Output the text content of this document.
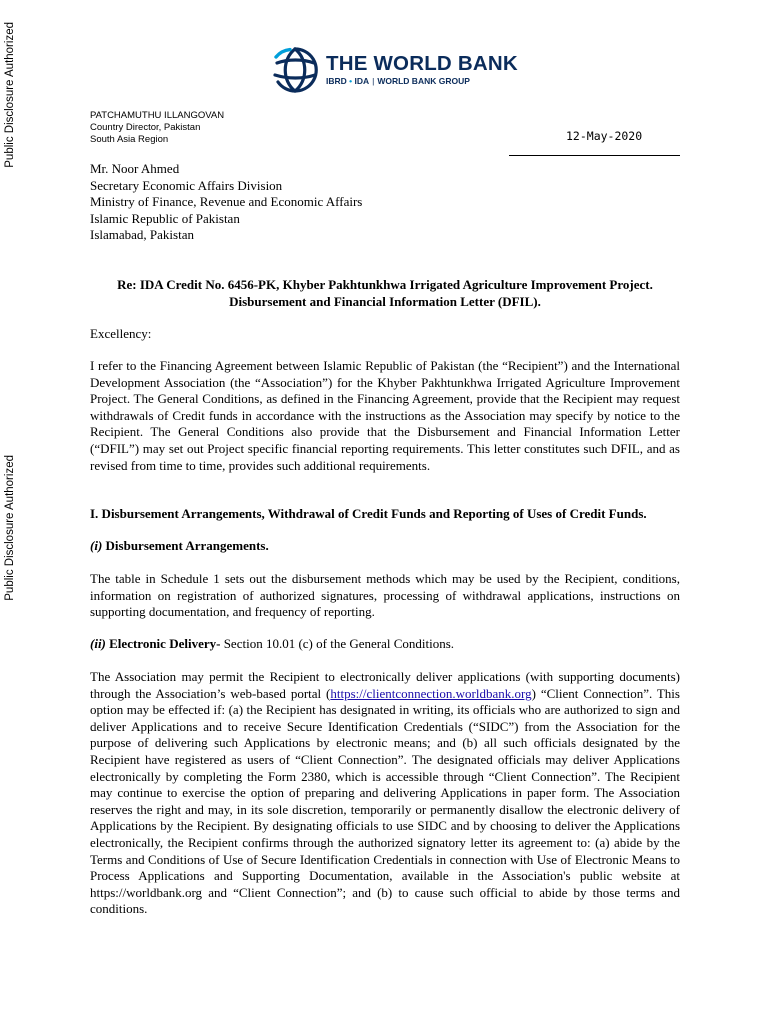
Public Disclosure Authorized
Public Disclosure Authorized
THE WORLD BANK
IBRD • IDA | WORLD BANK GROUP
PATCHAMUTHU ILLANGOVAN
Country Director, Pakistan
South Asia Region	12-May-2020
Mr. Noor Ahmed
Secretary Economic Affairs Division
Ministry of Finance, Revenue and Economic Affairs
Islamic Republic of Pakistan
Islamabad, Pakistan
Re: IDA Credit No. 6456-PK, Khyber Pakhtunkhwa Irrigated Agriculture Improvement Project.
Disbursement and Financial Information Letter (DFIL).
Excellency:
I refer to the Financing Agreement between Islamic Republic of Pakistan (the “Recipient”) and the International Development Association (the “Association”) for the Khyber Pakhtunkhwa Irrigated Agriculture Improvement Project. The General Conditions, as defined in the Financing Agreement, provide that the Recipient may request withdrawals of Credit funds in accordance with the instructions as the Association may specify by notice to the Recipient. The General Conditions also provide that the Disbursement and Financial Information Letter (“DFIL”) may set out Project specific financial reporting requirements. This letter constitutes such DFIL, and as revised from time to time, provides such additional requirements.
I. Disbursement Arrangements, Withdrawal of Credit Funds and Reporting of Uses of Credit Funds.
(i) Disbursement Arrangements.
The table in Schedule 1 sets out the disbursement methods which may be used by the Recipient, conditions, information on registration of authorized signatures, processing of withdrawal applications, instructions on supporting documentation, and frequency of reporting.
(ii) Electronic Delivery- Section 10.01 (c) of the General Conditions.
The Association may permit the Recipient to electronically deliver applications (with supporting documents) through the Association’s web-based portal (https://clientconnection.worldbank.org) “Client Connection”. This option may be effected if: (a) the Recipient has designated in writing, its officials who are authorized to sign and deliver Applications and to receive Secure Identification Credentials (“SIDC”) from the Association for the purpose of delivering such Applications by electronic means; and (b) all such officials designated by the Recipient have registered as users of “Client Connection”. The designated officials may deliver Applications electronically by completing the Form 2380, which is accessible through “Client Connection”. The Recipient may continue to exercise the option of preparing and delivering Applications in paper form. The Association reserves the right and may, in its sole discretion, temporarily or permanently disallow the electronic delivery of Applications by the Recipient. By designating officials to use SIDC and by choosing to deliver the Applications electronically, the Recipient confirms through the authorized signatory letter its agreement to: (a) abide by the Terms and Conditions of Use of Secure Identification Credentials in connection with Use of Electronic Means to Process Applications and Supporting Documentation, available in the Association's public website at https://worldbank.org and “Client Connection”; and (b) to cause such official to abide by those terms and conditions.
